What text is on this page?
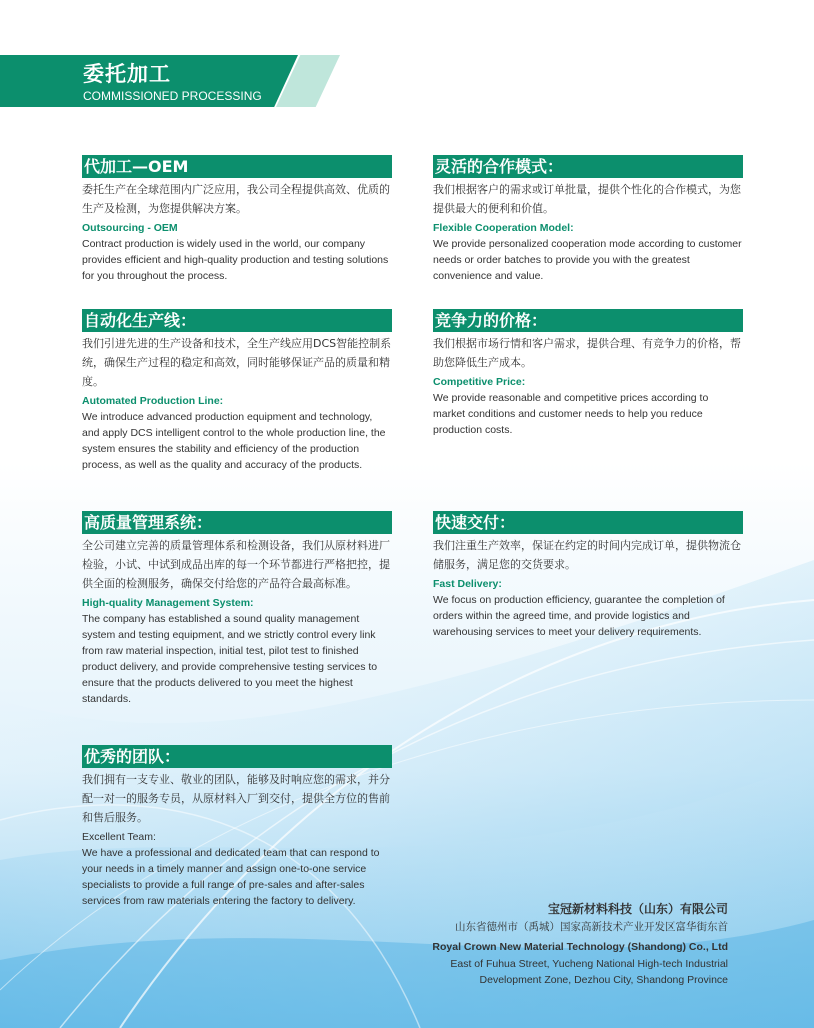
委托加工
COMMISSIONED PROCESSING
代加工—OEM
委托生产在全球范围内广泛应用，我公司全程提供高效、优质的生产及检测，为您提供解决方案。
Outsourcing - OEM
Contract production is widely used in the world, our company provides efficient and high-quality production and testing solutions for you throughout the process.
灵活的合作模式：
我们根据客户的需求或订单批量，提供个性化的合作模式，为您提供最大的便利和价值。
Flexible Cooperation Model:
We provide personalized cooperation mode according to customer needs or order batches to provide you with the greatest convenience and value.
自动化生产线：
我们引进先进的生产设备和技术，全生产线应用DCS智能控制系统，确保生产过程的稳定和高效，同时能够保证产品的质量和精度。
Automated Production Line:
We introduce advanced production equipment and technology, and apply DCS intelligent control to the whole production line, the system ensures the stability and efficiency of the production process, as well as the quality and accuracy of the products.
竞争力的价格：
我们根据市场行情和客户需求，提供合理、有竞争力的价格，帮助您降低生产成本。
Competitive Price:
We provide reasonable and competitive prices according to market conditions and customer needs to help you reduce production costs.
高质量管理系统：
全公司建立完善的质量管理体系和检测设备，我们从原材料进厂检验，小试、中试到成品出库的每一个环节都进行严格把控，提供全面的检测服务，确保交付给您的产品符合最高标准。
High-quality Management System:
The company has established a sound quality management system and testing equipment, and we strictly control every link from raw material inspection, initial test, pilot test to finished product delivery, and provide comprehensive testing services to ensure that the products delivered to you meet the highest standards.
快速交付：
我们注重生产效率，保证在约定的时间内完成订单，提供物流仓储服务，满足您的交货要求。
Fast Delivery:
We focus on production efficiency, guarantee the completion of orders within the agreed time, and provide logistics and warehousing services to meet your delivery requirements.
优秀的团队：
我们拥有一支专业、敬业的团队，能够及时响应您的需求，并分配一对一的服务专员，从原材料入厂到交付，提供全方位的售前和售后服务。
Excellent Team:
We have a professional and dedicated team that can respond to your needs in a timely manner and assign one-to-one service specialists to provide a full range of pre-sales and after-sales services from raw materials entering the factory to delivery.
宝冠新材料科技（山东）有限公司
山东省德州市（禹城）国家高新技术产业开发区富华街东首
Royal Crown New Material Technology (Shandong) Co., Ltd
East of Fuhua Street, Yucheng National High-tech Industrial
Development Zone, Dezhou City, Shandong Province
